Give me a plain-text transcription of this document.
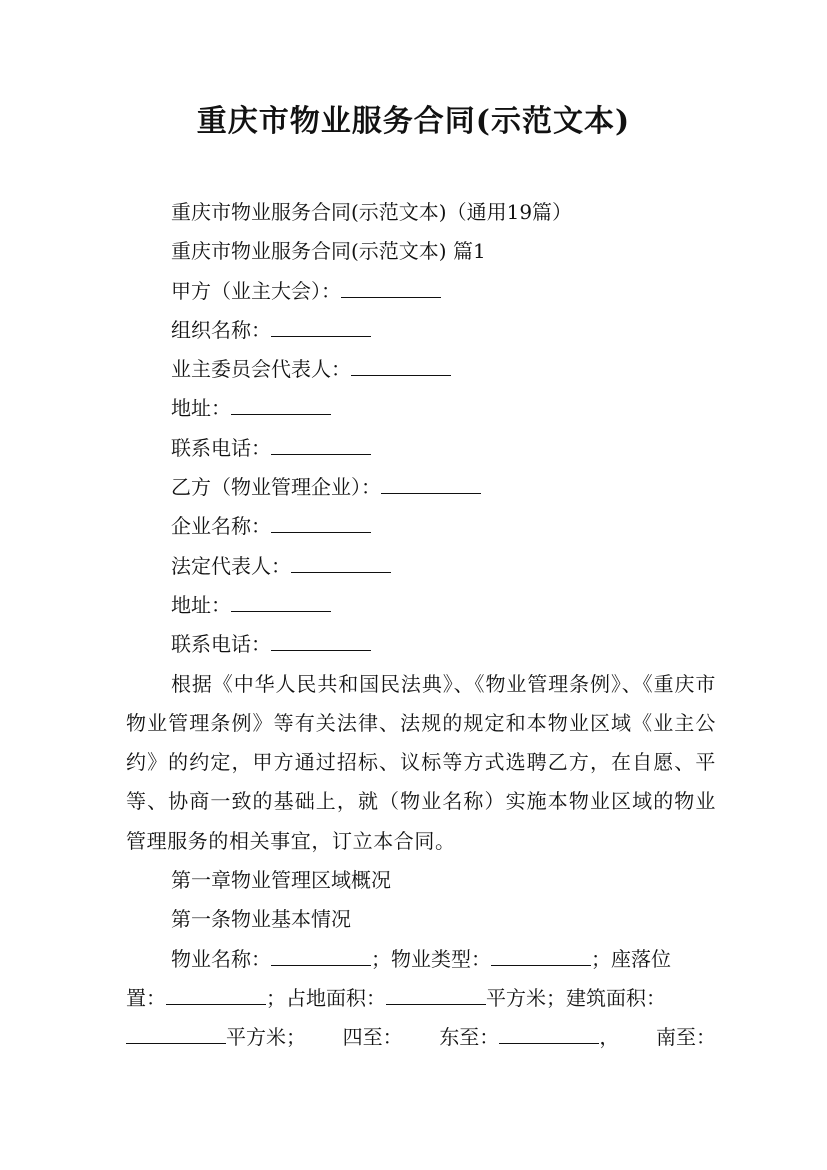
重庆市物业服务合同(示范文本)
重庆市物业服务合同(示范文本)（通用19篇）
重庆市物业服务合同(示范文本) 篇1
甲方（业主大会）：
组织名称：
业主委员会代表人：
地址：
联系电话：
乙方（物业管理企业）：
企业名称：
法定代表人：
地址：
联系电话：
根据《中华人民共和国民法典》、《物业管理条例》、《重庆市物业管理条例》等有关法律、法规的规定和本物业区域《业主公约》的约定，甲方通过招标、议标等方式选聘乙方，在自愿、平等、协商一致的基础上，就（物业名称）实施本物业区域的物业管理服务的相关事宜，订立本合同。
第一章物业管理区域概况
第一条物业基本情况
物业名称：	；物业类型：	；座落位
置：	；占地面积：	平方米；建筑面积：
平方米； 四至： 东至：	， 南至：
